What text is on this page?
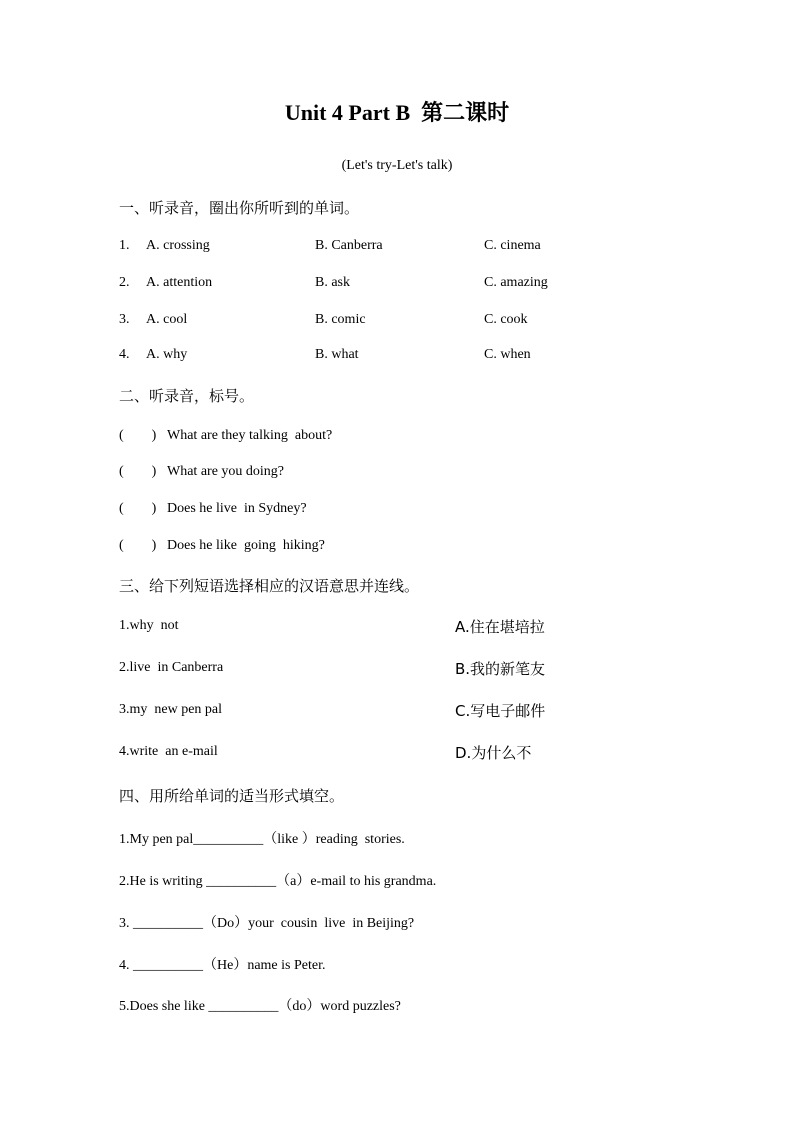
Unit 4 Part B  第二课时
(Let's try-Let's talk)
一、听录音，圈出你所听到的单词。
1. A. crossing	B. Canberra	C. cinema
2. A. attention	B. ask	C. amazing
3. A. cool	B. comic	C. cook
4. A. why	B. what	C. when
二、听录音，标号。
(        ) What are they talking  about?
(        ) What are you doing?
(        ) Does he live  in Sydney?
(        ) Does he like  going  hiking?
三、给下列短语选择相应的汉语意思并连线。
1.why  not	A.住在堪培拉
2.live  in Canberra	B.我的新笔友
3.my  new pen pal	C.写电子邮件
4.write  an e-mail	D.为什么不
四、用所给单词的适当形式填空。
1.My pen pal__________（like ）reading  stories.
2.He is writing __________（a）e-mail to his grandma.
3. __________（Do）your  cousin  live  in Beijing?
4. __________（He）name is Peter.
5.Does she like __________（do）word puzzles?
